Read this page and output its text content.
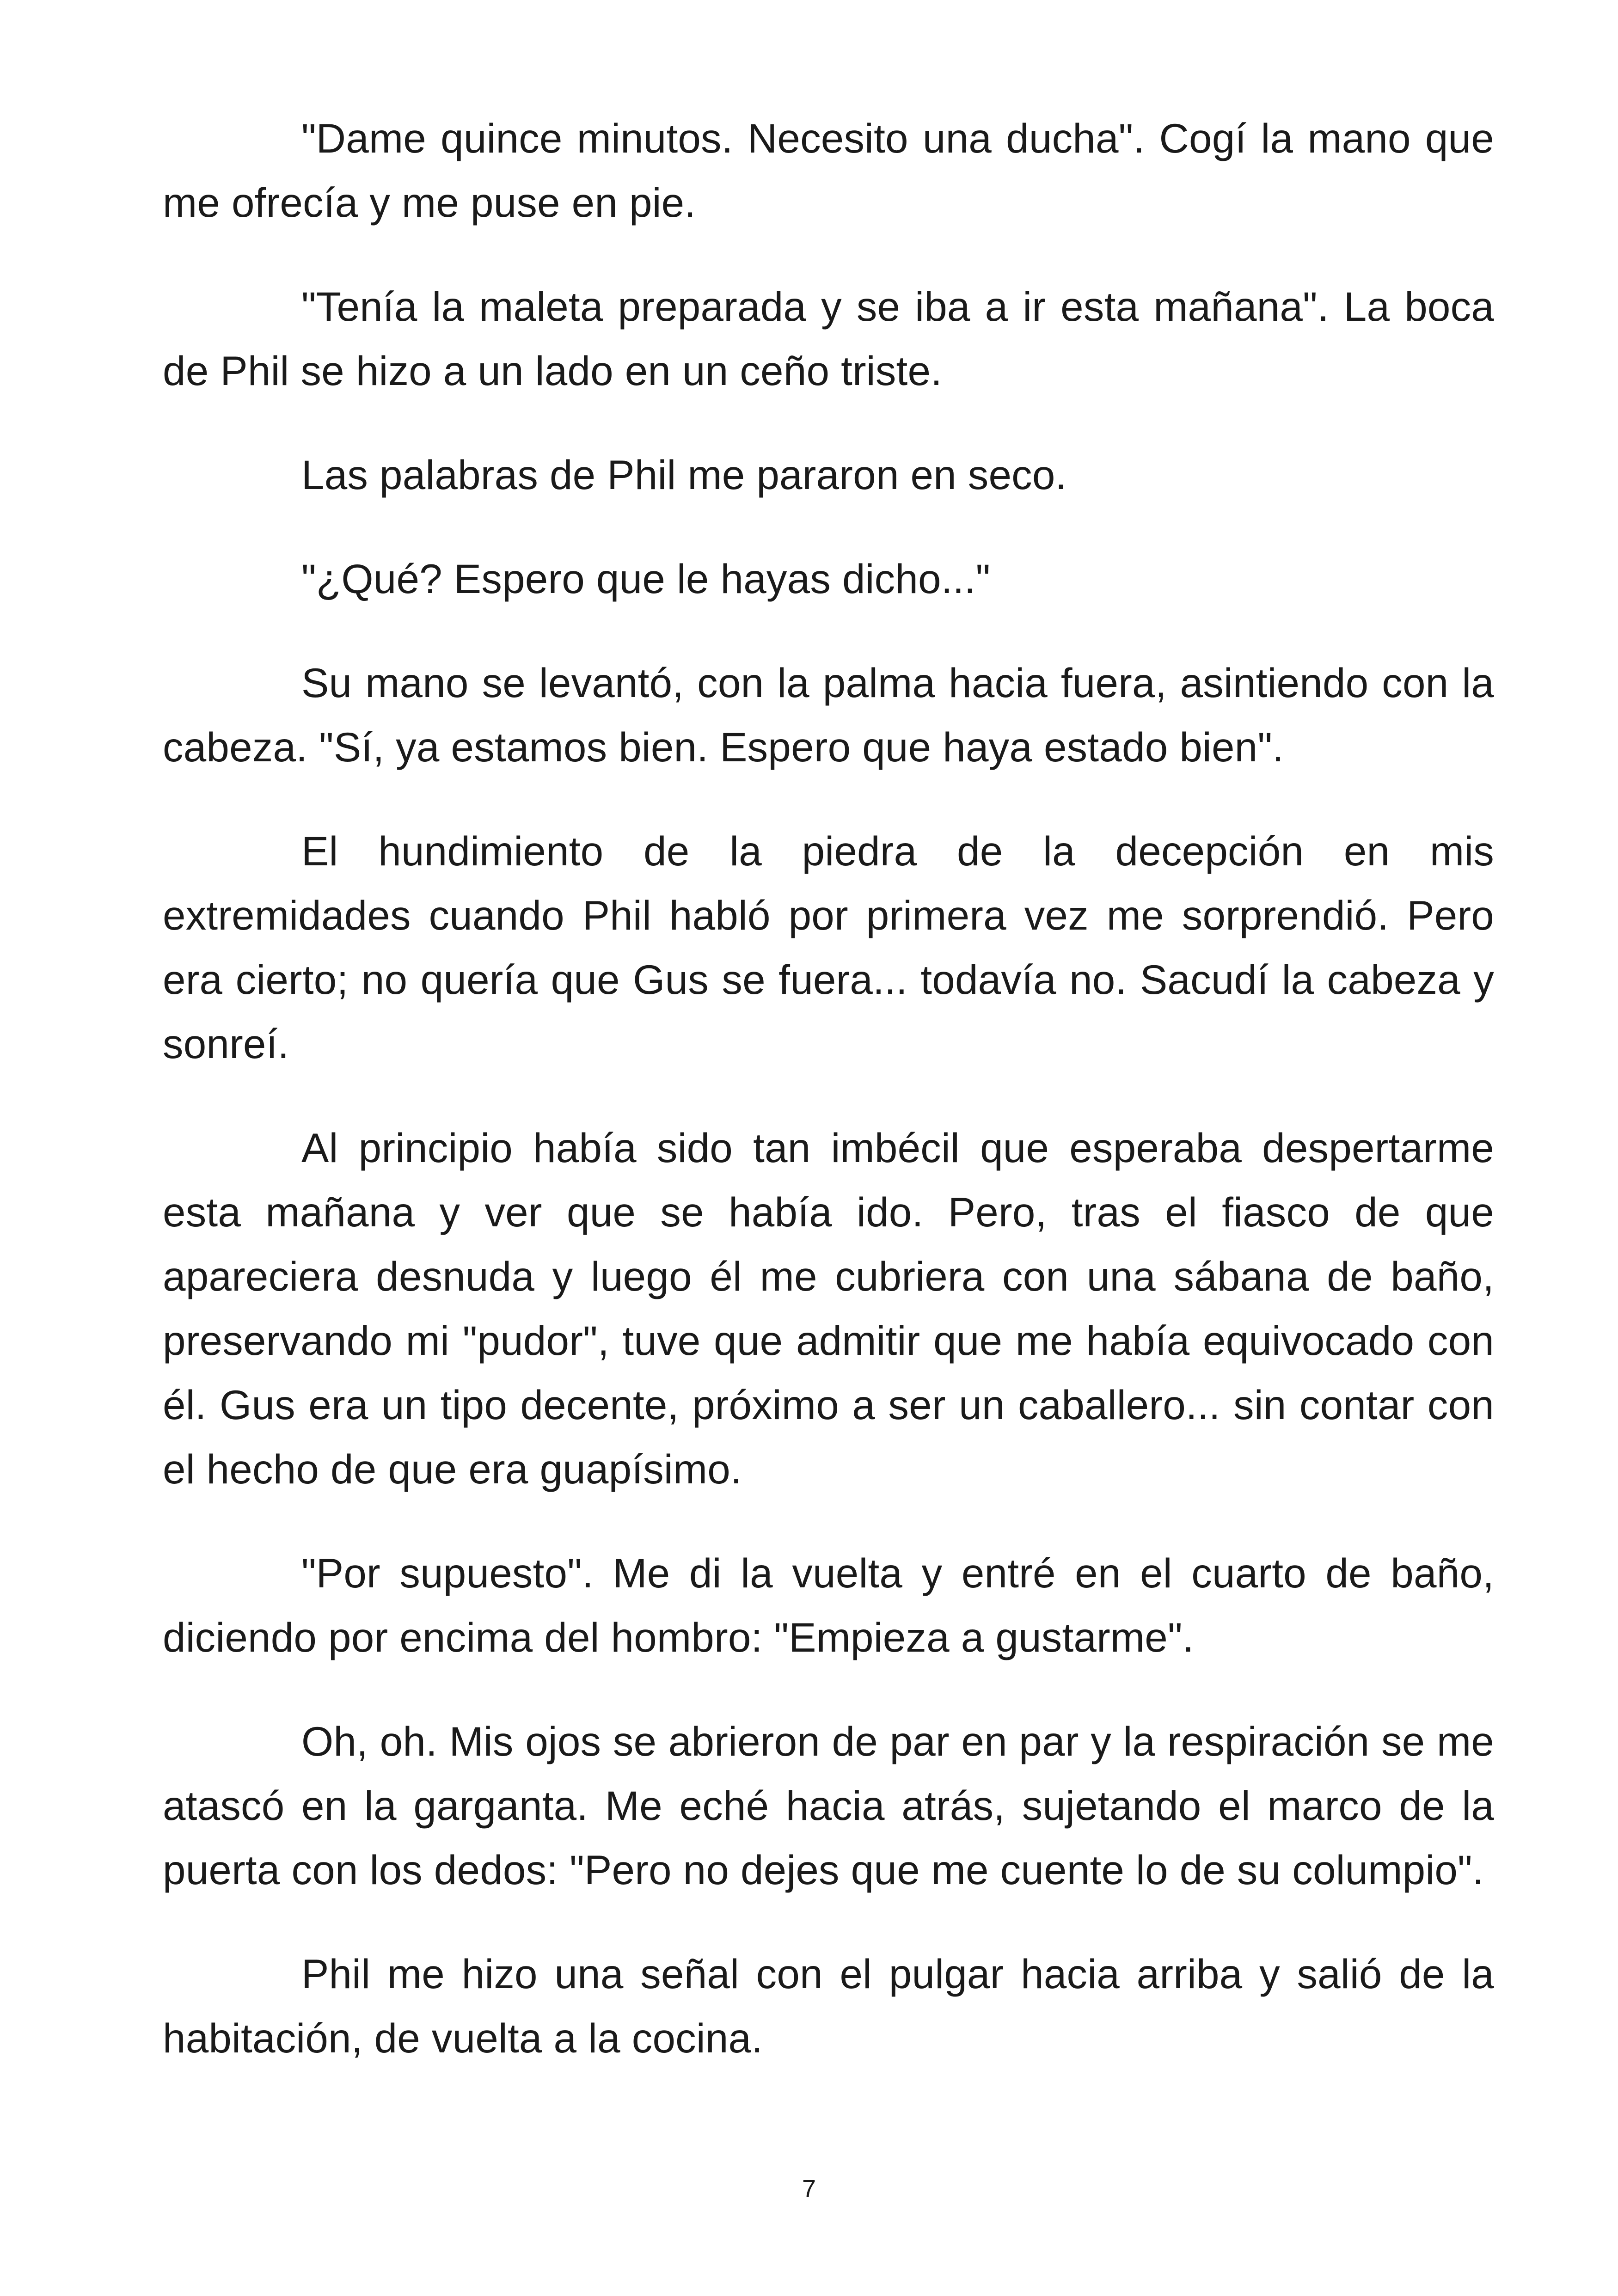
"Dame quince minutos. Necesito una ducha". Cogí la mano que me ofrecía y me puse en pie.

"Tenía la maleta preparada y se iba a ir esta mañana". La boca de Phil se hizo a un lado en un ceño triste.

Las palabras de Phil me pararon en seco.

"¿Qué? Espero que le hayas dicho..."

Su mano se levantó, con la palma hacia fuera, asintiendo con la cabeza. "Sí, ya estamos bien. Espero que haya estado bien".

El hundimiento de la piedra de la decepción en mis extremidades cuando Phil habló por primera vez me sorprendió. Pero era cierto; no quería que Gus se fuera... todavía no. Sacudí la cabeza y sonreí.

Al principio había sido tan imbécil que esperaba despertarme esta mañana y ver que se había ido. Pero, tras el fiasco de que apareciera desnuda y luego él me cubriera con una sábana de baño, preservando mi "pudor", tuve que admitir que me había equivocado con él. Gus era un tipo decente, próximo a ser un caballero... sin contar con el hecho de que era guapísimo.

"Por supuesto". Me di la vuelta y entré en el cuarto de baño, diciendo por encima del hombro: "Empieza a gustarme".

Oh, oh. Mis ojos se abrieron de par en par y la respiración se me atascó en la garganta. Me eché hacia atrás, sujetando el marco de la puerta con los dedos: "Pero no dejes que me cuente lo de su columpio".

Phil me hizo una señal con el pulgar hacia arriba y salió de la habitación, de vuelta a la cocina.

7
